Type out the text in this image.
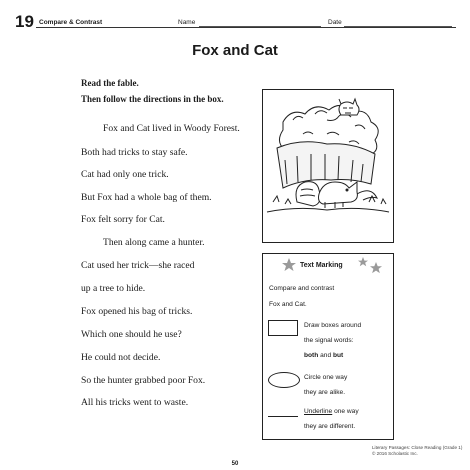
19 Compare & Contrast	Name	Date
Fox and Cat
Read the fable.
Then follow the directions in the box.
Fox and Cat lived in Woody Forest.
Both had tricks to stay safe.
Cat had only one trick.
But Fox had a whole bag of them.
Fox felt sorry for Cat.
Then along came a hunter.
Cat used her trick—she raced
up a tree to hide.
Fox opened his bag of tricks.
Which one should he use?
He could not decide.
So the hunter grabbed poor Fox.
All his tricks went to waste.
Text Marking
Compare and contrast
Fox and Cat.
Draw boxes around
the signal words:
both and but
Circle one way
they are alike.
Underline one way
they are different.
Literary Passages: Close Reading (Grade 1)
© 2016 Scholastic Inc.
50
